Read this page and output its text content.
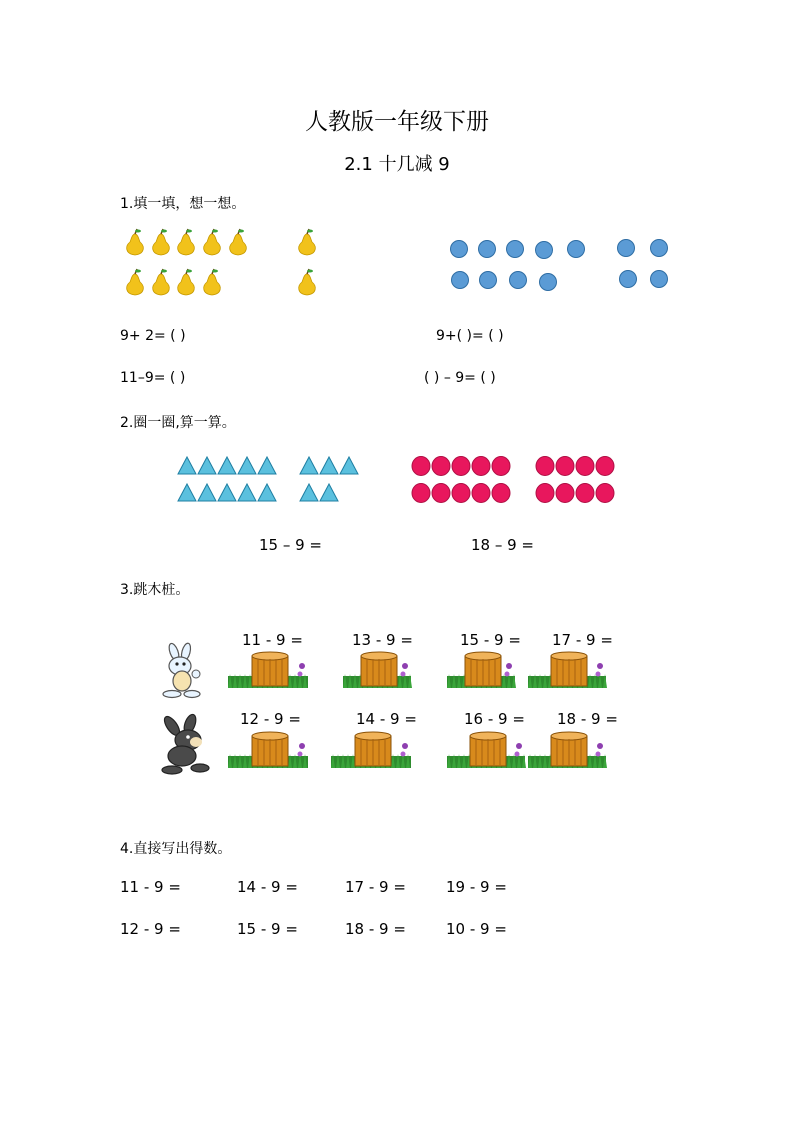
人教版一年级下册
2.1 十几减 9
1.填一填，想一想。
9+ 2= ( )	9+( )= ( )
11–9= ( )	( ) – 9= ( )
2.圈一圈,算一算。
15 – 9 =	18 – 9 =
3.跳木桩。
11 - 9 =	13 - 9 =	15 - 9 = 17 - 9 =
12 - 9 =	14 - 9 =	16 - 9 = 18 - 9 =
4.直接写出得数。
11 - 9 =	14 - 9 =	17 - 9 =	19 - 9 =
12 - 9 =	15 - 9 =	18 - 9 =	10 - 9 =
